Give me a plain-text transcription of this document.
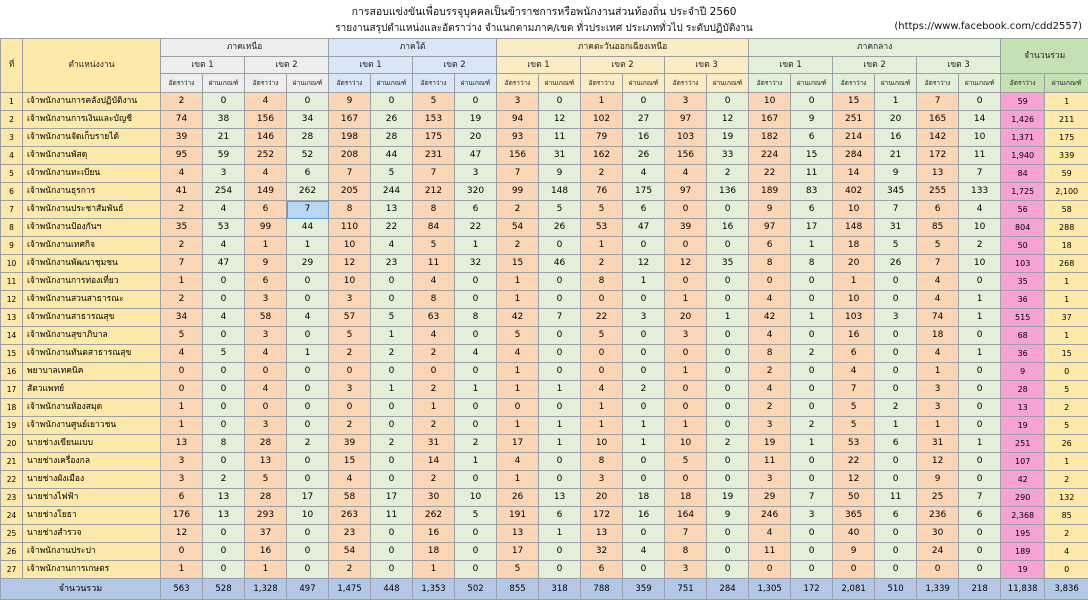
การสอบแข่งขันเพื่อบรรจุบุคคลเป็นข้าราชการหรือพนักงานส่วนท้องถิ่น ประจำปี 2560
รายงานสรุปตำแหน่งและอัตราว่าง จำแนกตามภาค/เขต ทั่วประเทศ ประเภททั่วไป ระดับปฏิบัติงาน	(https://www.facebook.com/cdd2557)
ที่	ตำแหน่งงาน	ภาคเหนือ				ภาคใต้				ภาคตะวันออกเฉียงเหนือ						ภาคกลาง						จำนวนรวม	
		เขต 1		เขต 2		เขต 1		เขต 2		เขต 1		เขต 2		เขต 3		เขต 1		เขต 2		เขต 3			
		อัตราว่าง	ผ่านเกณฑ์	อัตราว่าง	ผ่านเกณฑ์	อัตราว่าง	ผ่านเกณฑ์	อัตราว่าง	ผ่านเกณฑ์	อัตราว่าง	ผ่านเกณฑ์	อัตราว่าง	ผ่านเกณฑ์	อัตราว่าง	ผ่านเกณฑ์	อัตราว่าง	ผ่านเกณฑ์	อัตราว่าง	ผ่านเกณฑ์	อัตราว่าง	ผ่านเกณฑ์	อัตราว่าง	ผ่านเกณฑ์
1	เจ้าพนักงานการคลังปฏิบัติงาน	2	0	4	0	9	0	5	0	3	0	1	0	3	0	10	0	15	1	7	0	59	1
2	เจ้าพนักงานการเงินและบัญชี	74	38	156	34	167	26	153	19	94	12	102	27	97	12	167	9	251	20	165	14	1,426	211
3	เจ้าพนักงานจัดเก็บรายได้	39	21	146	28	198	28	175	20	93	11	79	16	103	19	182	6	214	16	142	10	1,371	175
4	เจ้าพนักงานพัสดุ	95	59	252	52	208	44	231	47	156	31	162	26	156	33	224	15	284	21	172	11	1,940	339
5	เจ้าพนักงานทะเบียน	4	3	4	6	7	5	7	3	7	9	2	4	4	2	22	11	14	9	13	7	84	59
6	เจ้าพนักงานธุรการ	41	254	149	262	205	244	212	320	99	148	76	175	97	136	189	83	402	345	255	133	1,725	2,100
7	เจ้าพนักงานประชาสัมพันธ์	2	4	6	7	8	13	8	6	2	5	5	6	0	0	9	6	10	7	6	4	56	58
8	เจ้าพนักงานป้องกันฯ	35	53	99	44	110	22	84	22	54	26	53	47	39	16	97	17	148	31	85	10	804	288
9	เจ้าพนักงานเทศกิจ	2	4	1	1	10	4	5	1	2	0	1	0	0	0	6	1	18	5	5	2	50	18
10	เจ้าพนักงานพัฒนาชุมชน	7	47	9	29	12	23	11	32	15	46	2	12	12	35	8	8	20	26	7	10	103	268
11	เจ้าพนักงานการท่องเที่ยว	1	0	6	0	10	0	4	0	1	0	8	1	0	0	0	0	1	0	4	0	35	1
12	เจ้าพนักงานสวนสาธารณะ	2	0	3	0	3	0	8	0	1	0	0	0	1	0	4	0	10	0	4	1	36	1
13	เจ้าพนักงานสาธารณสุข	34	4	58	4	57	5	63	8	42	7	22	3	20	1	42	1	103	3	74	1	515	37
14	เจ้าพนักงานสุขาภิบาล	5	0	3	0	5	1	4	0	5	0	5	0	3	0	4	0	16	0	18	0	68	1
15	เจ้าพนักงานทันตสาธารณสุข	4	5	4	1	2	2	2	4	4	0	0	0	0	0	8	2	6	0	4	1	36	15
16	พยาบาลเทคนิค	0	0	0	0	0	0	0	0	1	0	0	0	1	0	2	0	4	0	1	0	9	0
17	สัตวแพทย์	0	0	4	0	3	1	2	1	1	1	4	2	0	0	4	0	7	0	3	0	28	5
18	เจ้าพนักงานห้องสมุด	1	0	0	0	0	0	1	0	0	0	1	0	0	0	2	0	5	2	3	0	13	2
19	เจ้าพนักงานศูนย์เยาวชน	1	0	3	0	2	0	2	0	1	1	1	1	1	0	3	2	5	1	1	0	19	5
20	นายช่างเขียนแบบ	13	8	28	2	39	2	31	2	17	1	10	1	10	2	19	1	53	6	31	1	251	26
21	นายช่างเครื่องกล	3	0	13	0	15	0	14	1	4	0	8	0	5	0	11	0	22	0	12	0	107	1
22	นายช่างผังเมือง	3	2	5	0	4	0	2	0	1	0	3	0	0	0	3	0	12	0	9	0	42	2
23	นายช่างไฟฟ้า	6	13	28	17	58	17	30	10	26	13	20	18	18	19	29	7	50	11	25	7	290	132
24	นายช่างโยธา	176	13	293	10	263	11	262	5	191	6	172	16	164	9	246	3	365	6	236	6	2,368	85
25	นายช่างสำรวจ	12	0	37	0	23	0	16	0	13	1	13	0	7	0	4	0	40	0	30	0	195	2
26	เจ้าพนักงานประปา	0	0	16	0	54	0	18	0	17	0	32	4	8	0	11	0	9	0	24	0	189	4
27	เจ้าพนักงานการเกษตร	1	0	1	0	2	0	1	0	5	0	6	0	3	0	0	0	0	0	0	0	19	0
จำนวนรวม		563	528	1,328	497	1,475	448	1,353	502	855	318	788	359	751	284	1,305	172	2,081	510	1,339	218	11,838	3,836
